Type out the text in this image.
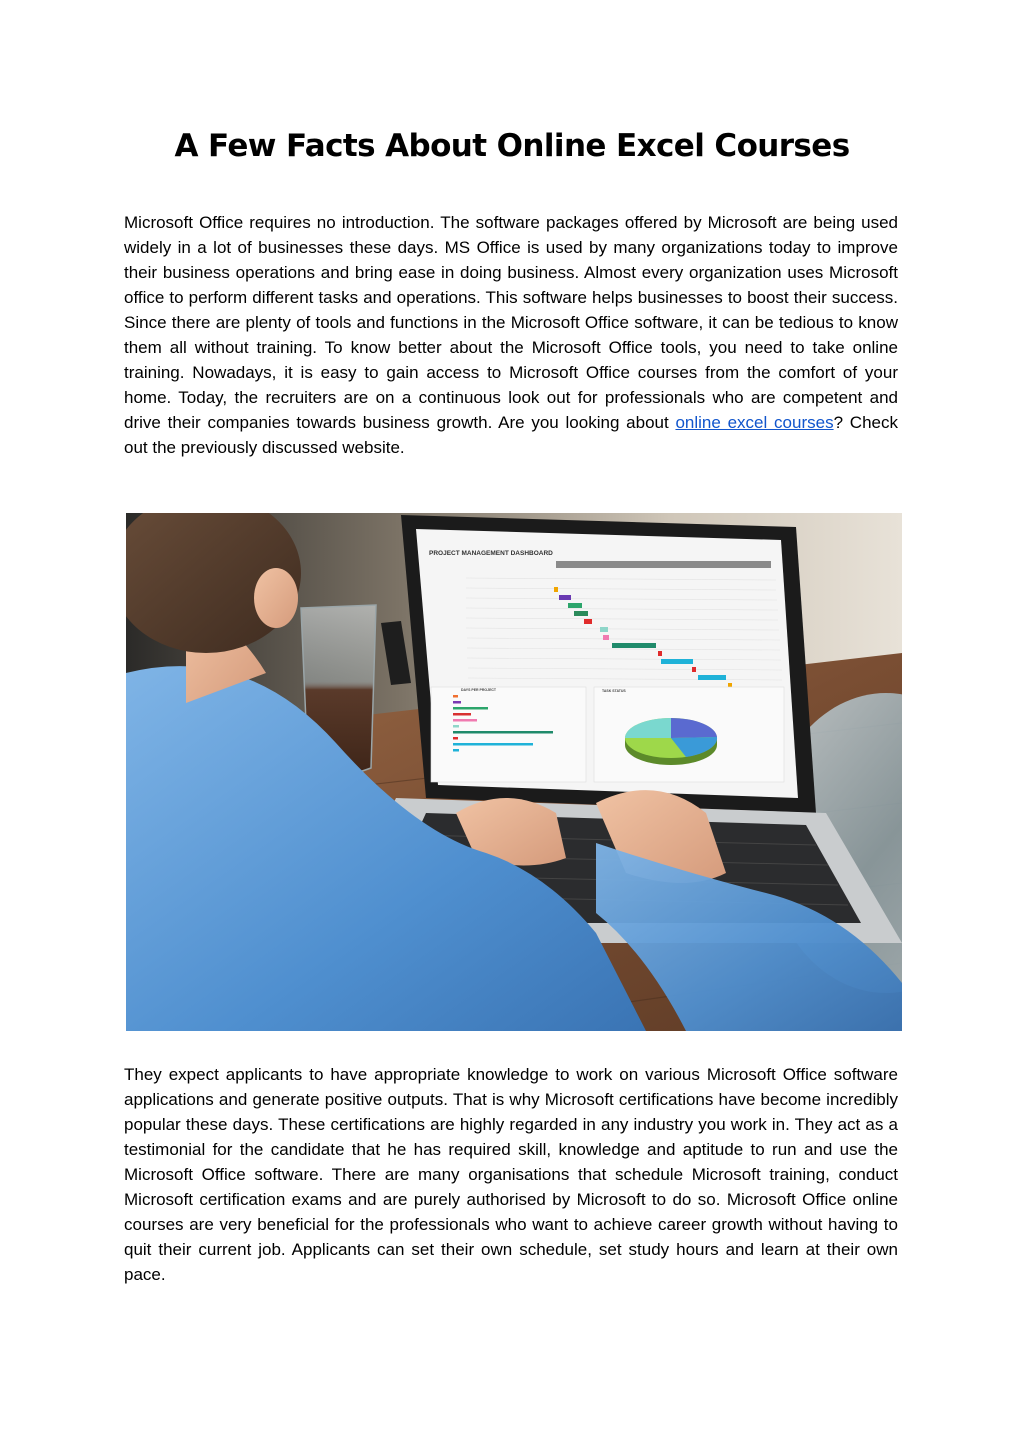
A Few Facts About Online Excel Courses

Microsoft Office requires no introduction. The software packages offered by Microsoft are being used widely in a lot of businesses these days. MS Office is used by many organizations today to improve their business operations and bring ease in doing business. Almost every organization uses Microsoft office to perform different tasks and operations. This software helps businesses to boost their success. Since there are plenty of tools and functions in the Microsoft Office software, it can be tedious to know them all without training. To know better about the Microsoft Office tools, you need to take online training. Nowadays, it is easy to gain access to Microsoft Office courses from the comfort of your home. Today, the recruiters are on a continuous look out for professionals who are competent and drive their companies towards business growth. Are you looking about online excel courses? Check out the previously discussed website.

PROJECT MANAGEMENT DASHBOARD
DAYS PER PROJECT	TASK STATUS

They expect applicants to have appropriate knowledge to work on various Microsoft Office software applications and generate positive outputs. That is why Microsoft certifications have become incredibly popular these days. These certifications are highly regarded in any industry you work in. They act as a testimonial for the candidate that he has required skill, knowledge and aptitude to run and use the Microsoft Office software. There are many organisations that schedule Microsoft training, conduct Microsoft certification exams and are purely authorised by Microsoft to do so. Microsoft Office online courses are very beneficial for the professionals who want to achieve career growth without having to quit their current job. Applicants can set their own schedule, set study hours and learn at their own pace.
